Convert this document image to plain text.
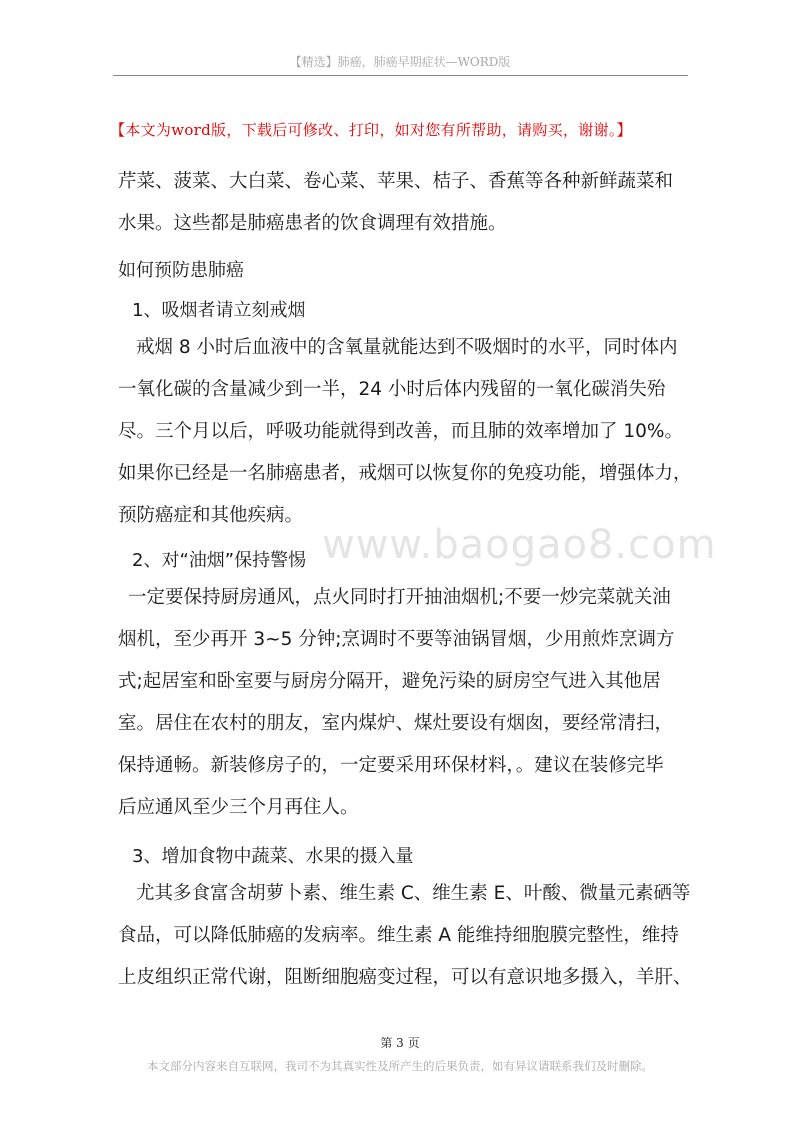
【精选】肺癌，肺癌早期症状—WORD版
【本文为word版，下载后可修改、打印，如对您有所帮助，请购买，谢谢。】
www.baogao8.com

芹菜、菠菜、大白菜、卷心菜、苹果、桔子、香蕉等各种新鲜蔬菜和
水果。这些都是肺癌患者的饮食调理有效措施。

如何预防患肺癌
1、吸烟者请立刻戒烟

戒烟 8 小时后血液中的含氧量就能达到不吸烟时的水平，同时体内
一氧化碳的含量减少到一半，24 小时后体内残留的一氧化碳消失殆
尽。三个月以后，呼吸功能就得到改善，而且肺的效率增加了 10%。
如果你已经是一名肺癌患者，戒烟可以恢复你的免疫功能，增强体力，
预防癌症和其他疾病。

2、对“油烟”保持警惕

一定要保持厨房通风，点火同时打开抽油烟机;不要一炒完菜就关油
烟机，至少再开 3~5 分钟;烹调时不要等油锅冒烟，少用煎炸烹调方
式;起居室和卧室要与厨房分隔开，避免污染的厨房空气进入其他居
室。居住在农村的朋友，室内煤炉、煤灶要设有烟囱，要经常清扫，
保持通畅。新装修房子的，一定要采用环保材料，。建议在装修完毕
后应通风至少三个月再住人。

3、增加食物中蔬菜、水果的摄入量

尤其多食富含胡萝卜素、维生素 C、维生素 E、叶酸、微量元素硒等
食品，可以降低肺癌的发病率。维生素 A 能维持细胞膜完整性，维持
上皮组织正常代谢，阻断细胞癌变过程，可以有意识地多摄入，羊肝、

第 3 页
本文部分内容来自互联网，我司不为其真实性及所产生的后果负责，如有异议请联系我们及时删除。
